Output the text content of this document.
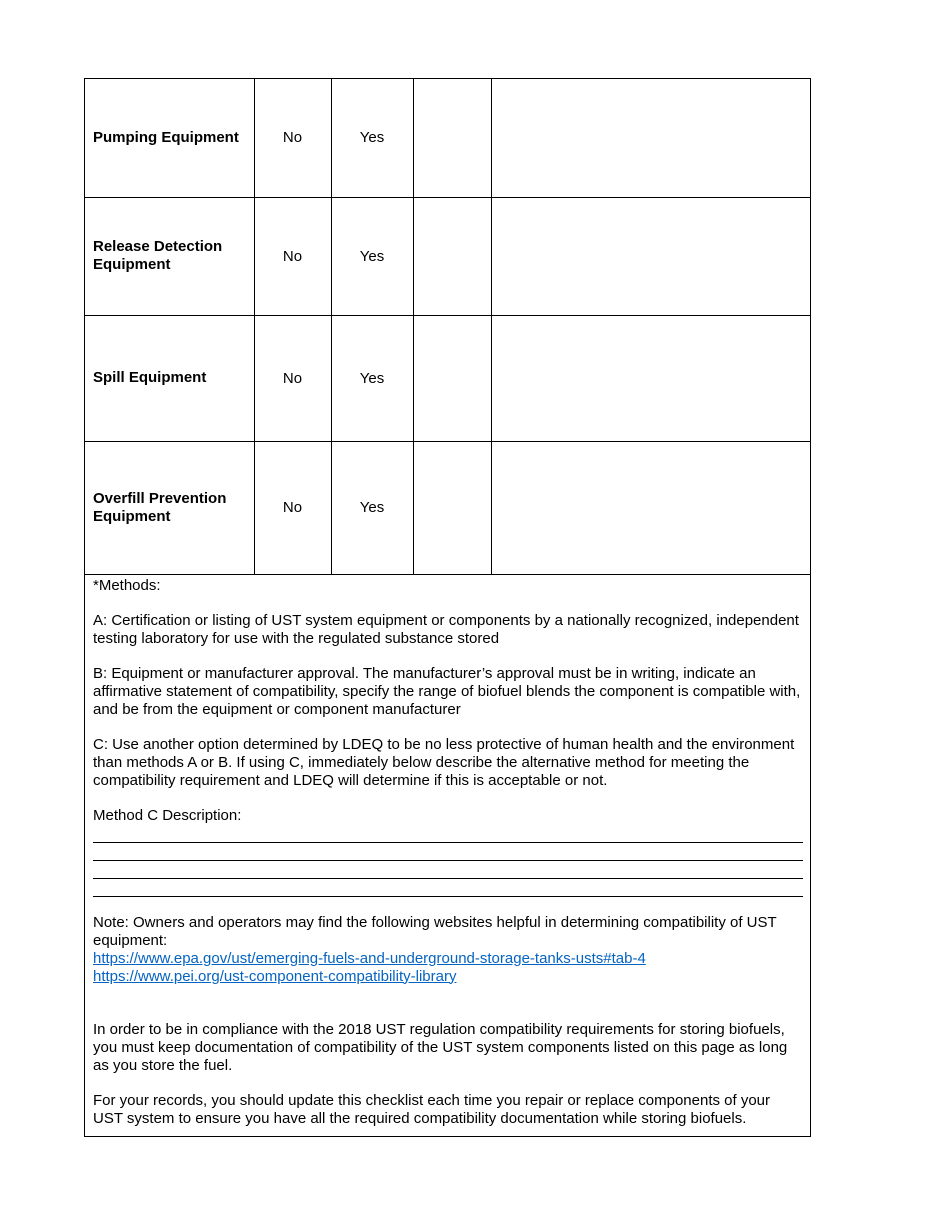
Pumping Equipment	No	Yes		
Release Detection Equipment	No	Yes		
Spill Equipment	No	Yes		
Overfill Prevention Equipment	No	Yes		

*Methods:

A: Certification or listing of UST system equipment or components by a nationally recognized, independent testing laboratory for use with the regulated substance stored

B: Equipment or manufacturer approval. The manufacturer’s approval must be in writing, indicate an affirmative statement of compatibility, specify the range of biofuel blends the component is compatible with, and be from the equipment or component manufacturer

C: Use another option determined by LDEQ to be no less protective of human health and the environment than methods A or B. If using C, immediately below describe the alternative method for meeting the compatibility requirement and LDEQ will determine if this is acceptable or not.

Method C Description:

Note: Owners and operators may find the following websites helpful in determining compatibility of UST equipment:

https://www.epa.gov/ust/emerging-fuels-and-underground-storage-tanks-usts#tab-4

https://www.pei.org/ust-component-compatibility-library

In order to be in compliance with the 2018 UST regulation compatibility requirements for storing biofuels, you must keep documentation of compatibility of the UST system components listed on this page as long as you store the fuel.

For your records, you should update this checklist each time you repair or replace components of your UST system to ensure you have all the required compatibility documentation while storing biofuels.
